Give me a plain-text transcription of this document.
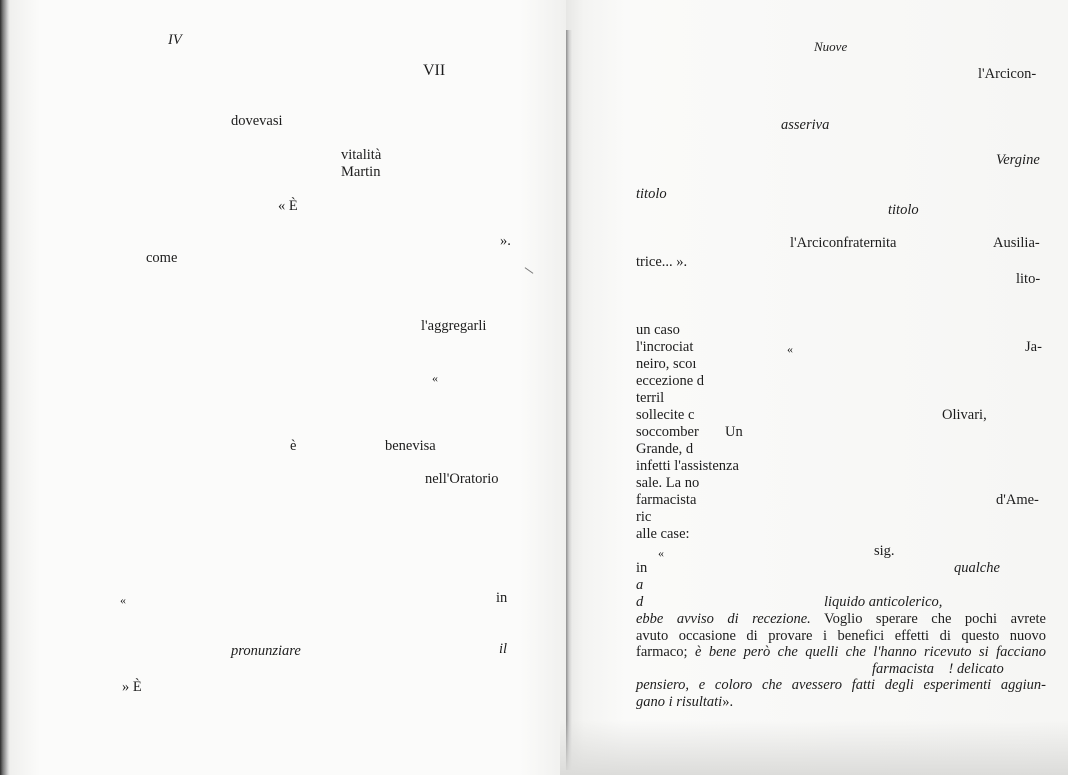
IV
VII
dovevasi
vitalità
Martin
« È
».
come
l'aggregarli
«
è	benevisa
nell'Oratorio
«	in
pronunziare	il
» È
Nuove
l'Arcicon-
asseriva
Vergine
titolo
titolo
l'Arciconfraternita	Ausilia-
trice... ».
lito-
un caso
l'incrociat	«	Ja-
neiro, scoı
eccezione d
terril
sollecite c	Olivari,
soccomber Un
Grande, d
infetti l'assistenza
sale. La no
farmacista	d'Ame-
ric
alle case:
«	sig.
in	qualche
a
d	liquido anticolerico,
ebbe avviso di recezione. Voglio sperare che pochi avrete
avuto occasione di provare i benefici effetti di questo nuovo
farmaco; è bene però che quelli che l'hanno ricevuto si facciano
farmacista ! delicato
pensiero, e coloro che avessero fatti degli esperimenti aggiun-
gano i risultati».
